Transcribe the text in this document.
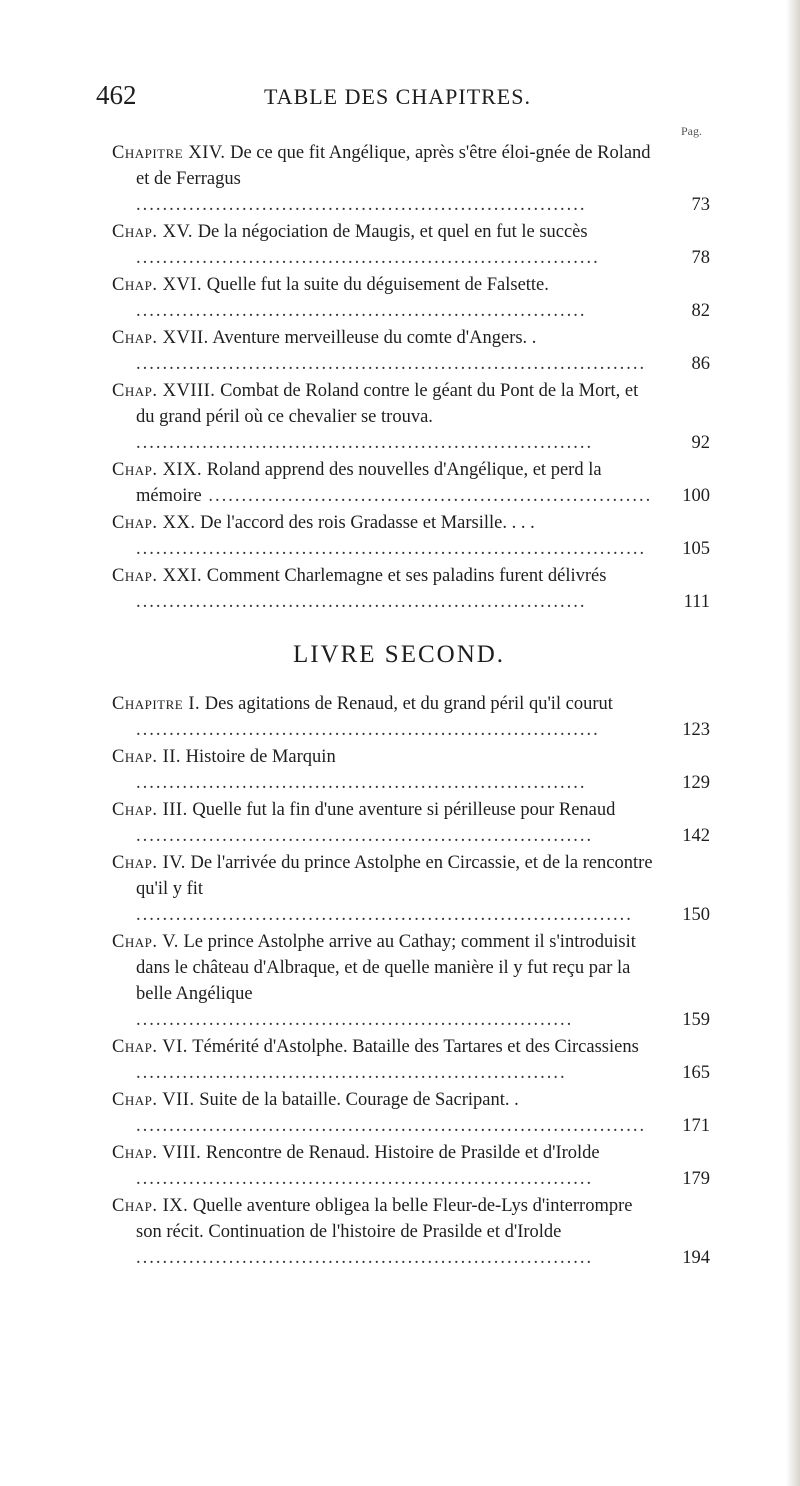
462	TABLE DES CHAPITRES.
Pag.
Chapitre XIV. De ce que fit Angélique, après s'être éloi-gnée de Roland et de Ferragus ....................................................................	73
Chap. XV. De la négociation de Maugis, et quel en fut le succès ......................................................................	78
Chap. XVI. Quelle fut la suite du déguisement de Falsette. ....................................................................	82
Chap. XVII. Aventure merveilleuse du comte d'Angers. . .............................................................................	86
Chap. XVIII. Combat de Roland contre le géant du Pont de la Mort, et du grand péril où ce chevalier se trouva. .....................................................................	92
Chap. XIX. Roland apprend des nouvelles d'Angélique, et perd la mémoire ...................................................................	100
Chap. XX. De l'accord des rois Gradasse et Marsille. . . . .............................................................................	105
Chap. XXI. Comment Charlemagne et ses paladins furent délivrés ....................................................................	111
LIVRE SECOND.
Chapitre I. Des agitations de Renaud, et du grand péril qu'il courut ......................................................................	123
Chap. II. Histoire de Marquin ....................................................................	129
Chap. III. Quelle fut la fin d'une aventure si périlleuse pour Renaud .....................................................................	142
Chap. IV. De l'arrivée du prince Astolphe en Circassie, et de la rencontre qu'il y fit ...........................................................................	150
Chap. V. Le prince Astolphe arrive au Cathay; comment il s'introduisit dans le château d'Albraque, et de quelle manière il y fut reçu par la belle Angélique ..................................................................	159
Chap. VI. Témérité d'Astolphe. Bataille des Tartares et des Circassiens .................................................................	165
Chap. VII. Suite de la bataille. Courage de Sacripant. . .............................................................................	171
Chap. VIII. Rencontre de Renaud. Histoire de Prasilde et d'Irolde .....................................................................	179
Chap. IX. Quelle aventure obligea la belle Fleur-de-Lys d'interrompre son récit. Continuation de l'histoire de Prasilde et d'Irolde .....................................................................	194
